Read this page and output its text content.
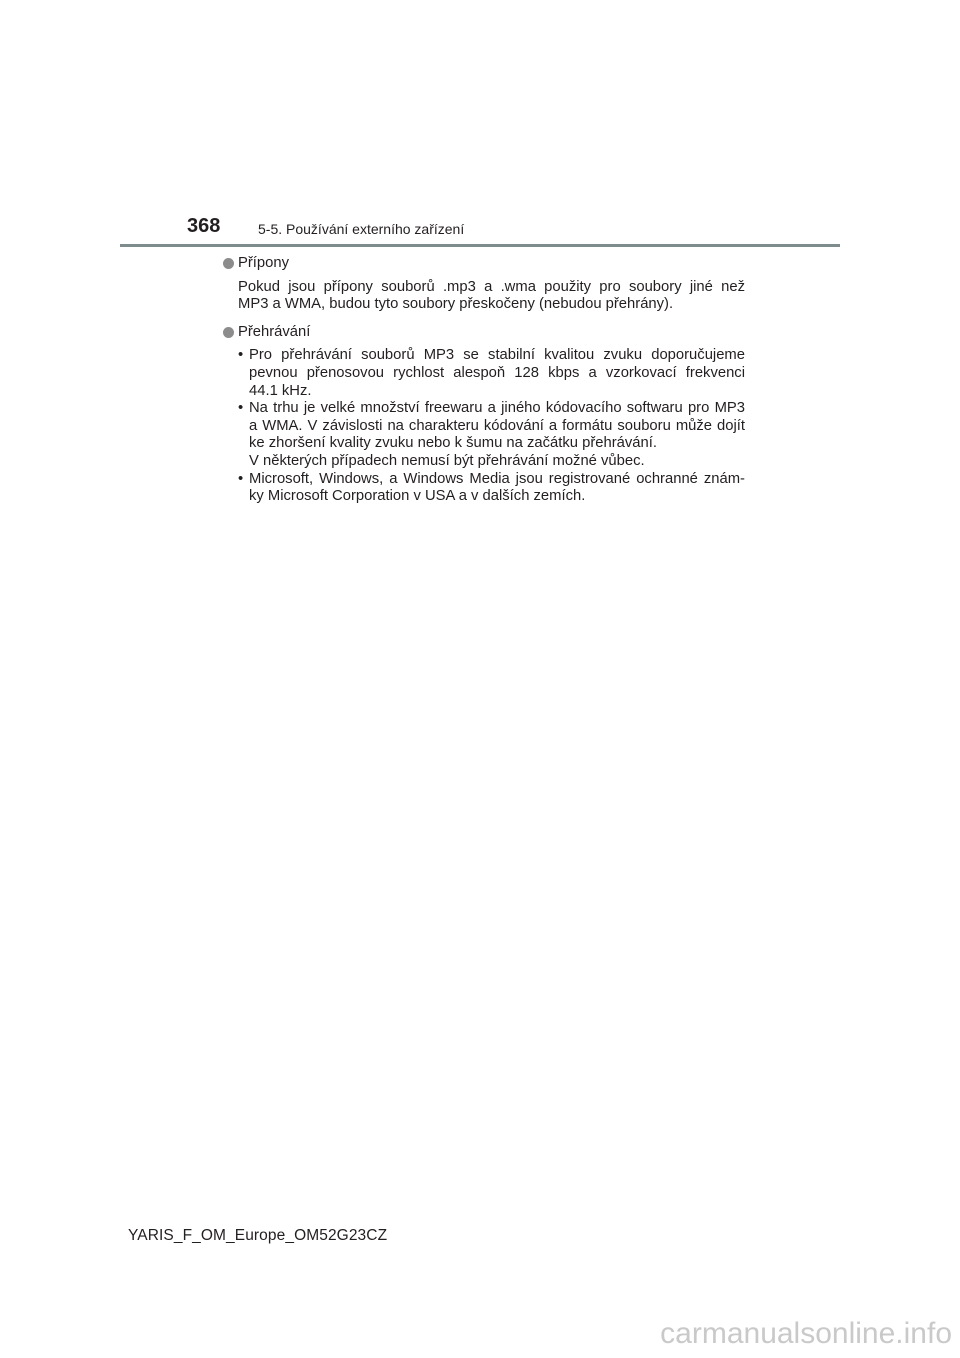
368	5-5. Používání externího zařízení
Přípony
Pokud jsou přípony souborů .mp3 a .wma použity pro soubory jiné než
MP3 a WMA, budou tyto soubory přeskočeny (nebudou přehrány).
Přehrávání
• Pro přehrávání souborů MP3 se stabilní kvalitou zvuku doporučujeme
pevnou přenosovou rychlost alespoň 128 kbps a vzorkovací frekvenci
44.1 kHz.
• Na trhu je velké množství freewaru a jiného kódovacího softwaru pro MP3
a WMA. V závislosti na charakteru kódování a formátu souboru může dojít
ke zhoršení kvality zvuku nebo k šumu na začátku přehrávání.
V některých případech nemusí být přehrávání možné vůbec.
• Microsoft, Windows, a Windows Media jsou registrované ochranné znám-
ky Microsoft Corporation v USA a v dalších zemích.
YARIS_F_OM_Europe_OM52G23CZ
carmanualsonline.info
